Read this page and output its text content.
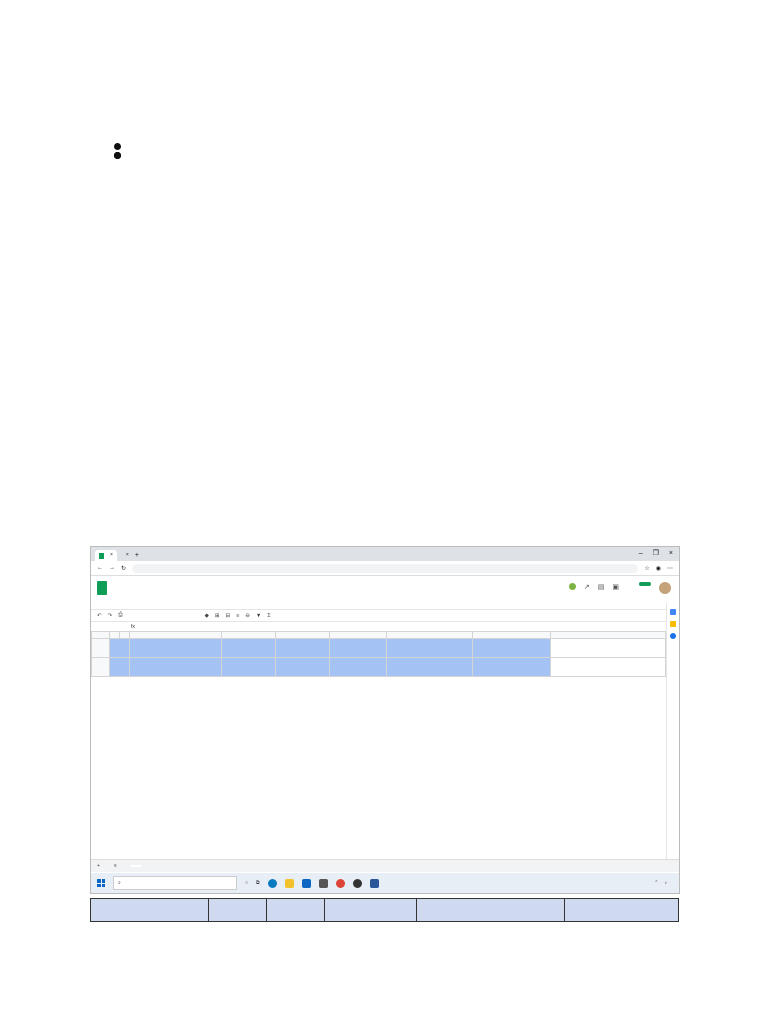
×	× +	– ❐ ×
← → ↻	☆ ◉ ⋯
↗ ▤ ▣
↶ ↷ ⎙	◆ ⊞ ⊟ ≡ ⊖ ▼ Σ
fx

+	≡
⌕	○ ⧉	⌃ ♪
